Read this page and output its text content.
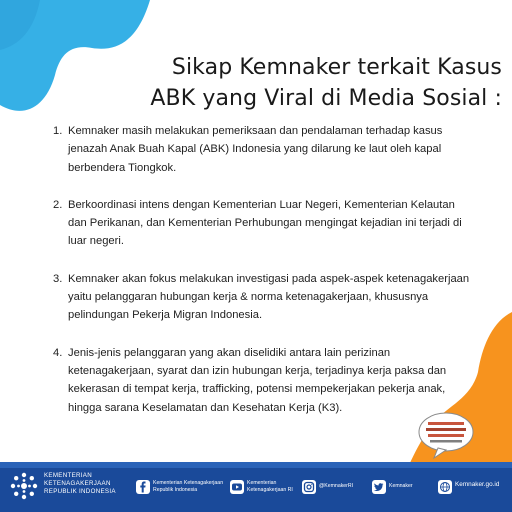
Sikap Kemnaker terkait Kasus
ABK yang Viral di Media Sosial :
1. Kemnaker masih melakukan pemeriksaan dan pendalaman terhadap kasus jenazah Anak Buah Kapal (ABK) Indonesia yang dilarung ke laut oleh kapal berbendera Tiongkok.
2. Berkoordinasi intens dengan Kementerian Luar Negeri, Kementerian Kelautan dan Perikanan, dan Kementerian Perhubungan mengingat kejadian ini terjadi di luar negeri.
3. Kemnaker akan fokus melakukan investigasi pada aspek-aspek ketenagakerjaan yaitu pelanggaran hubungan kerja & norma ketenagakerjaan, khususnya pelindungan Pekerja Migran Indonesia.
4. Jenis-jenis pelanggaran yang akan diselidiki antara lain perizinan ketenagakerjaan, syarat dan izin hubungan kerja, terjadinya kerja paksa dan kekerasan di tempat kerja, trafficking, potensi mempekerjakan pekerja anak, hingga sarana Keselamatan dan Kesehatan Kerja (K3).
KEMENTERIAN
KETENAGAKERJAAN
REPUBLIK INDONESIA
Kementerian Ketenagakerjaan
Republik Indonesia
Kementerian
Ketenagakerjaan RI
@KemnakerRI	Kemnaker	Kemnaker.go.id
